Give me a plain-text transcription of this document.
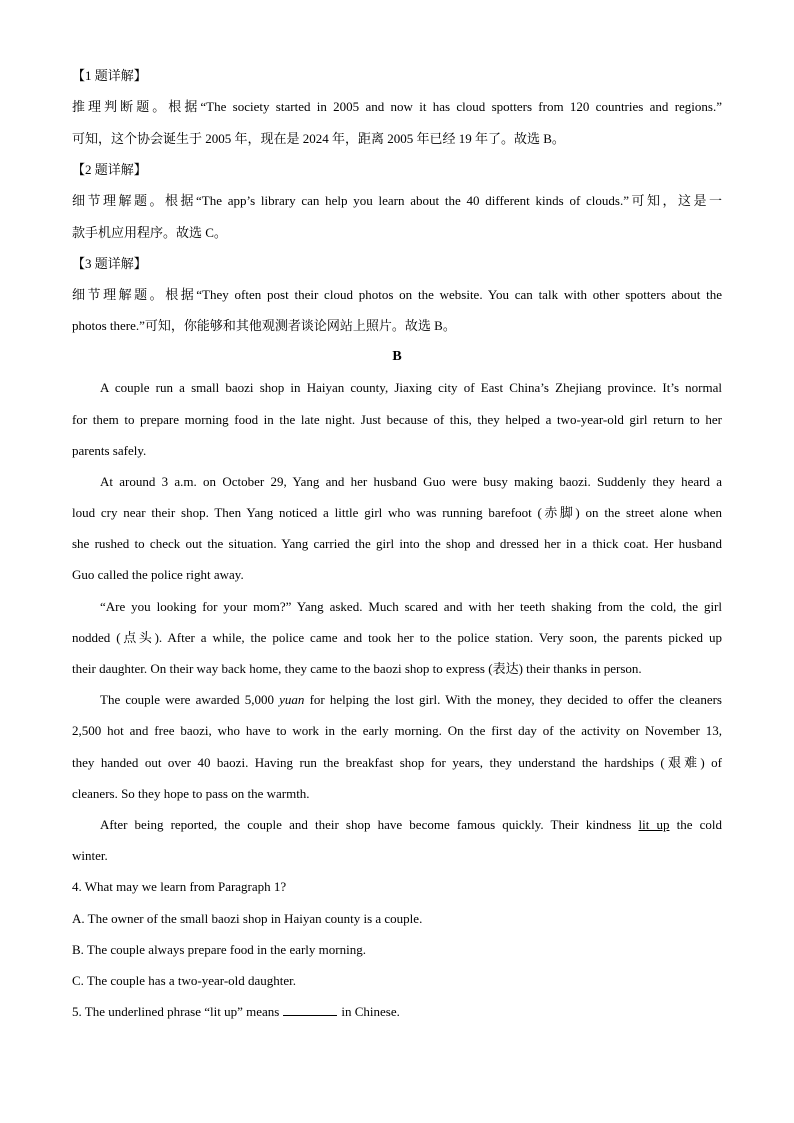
【1 题详解】
推理判断题。根据“The society started in 2005 and now it has cloud spotters from 120 countries and regions.”
可知，这个协会诞生于 2005 年，现在是 2024 年，距离 2005 年已经 19 年了。故选 B。
【2 题详解】
细节理解题。根据“The app’s library can help you learn about the 40 different kinds of clouds.”可知，这是一
款手机应用程序。故选 C。
【3 题详解】
细节理解题。根据“They often post their cloud photos on the website. You can talk with other spotters about the
photos there.”可知，你能够和其他观测者谈论网站上照片。故选 B。
B
A couple run a small baozi shop in Haiyan county, Jiaxing city of East China’s Zhejiang province. It’s normal
for them to prepare morning food in the late night. Just because of this, they helped a two-year-old girl return to her
parents safely.
At around 3 a.m. on October 29, Yang and her husband Guo were busy making baozi. Suddenly they heard a
loud cry near their shop. Then Yang noticed a little girl who was running barefoot (赤脚) on the street alone when
she rushed to check out the situation. Yang carried the girl into the shop and dressed her in a thick coat. Her husband
Guo called the police right away.
“Are you looking for your mom?” Yang asked. Much scared and with her teeth shaking from the cold, the girl
nodded (点头). After a while, the police came and took her to the police station. Very soon, the parents picked up
their daughter. On their way back home, they came to the baozi shop to express (表达) their thanks in person.
The couple were awarded 5,000 yuan for helping the lost girl. With the money, they decided to offer the cleaners
2,500 hot and free baozi, who have to work in the early morning. On the first day of the activity on November 13,
they handed out over 40 baozi. Having run the breakfast shop for years, they understand the hardships (艰难) of
cleaners. So they hope to pass on the warmth.
After being reported, the couple and their shop have become famous quickly. Their kindness lit up the cold
winter.
4. What may we learn from Paragraph 1?
A. The owner of the small baozi shop in Haiyan county is a couple.
B. The couple always prepare food in the early morning.
C. The couple has a two-year-old daughter.
5. The underlined phrase “lit up” means	in Chinese.
